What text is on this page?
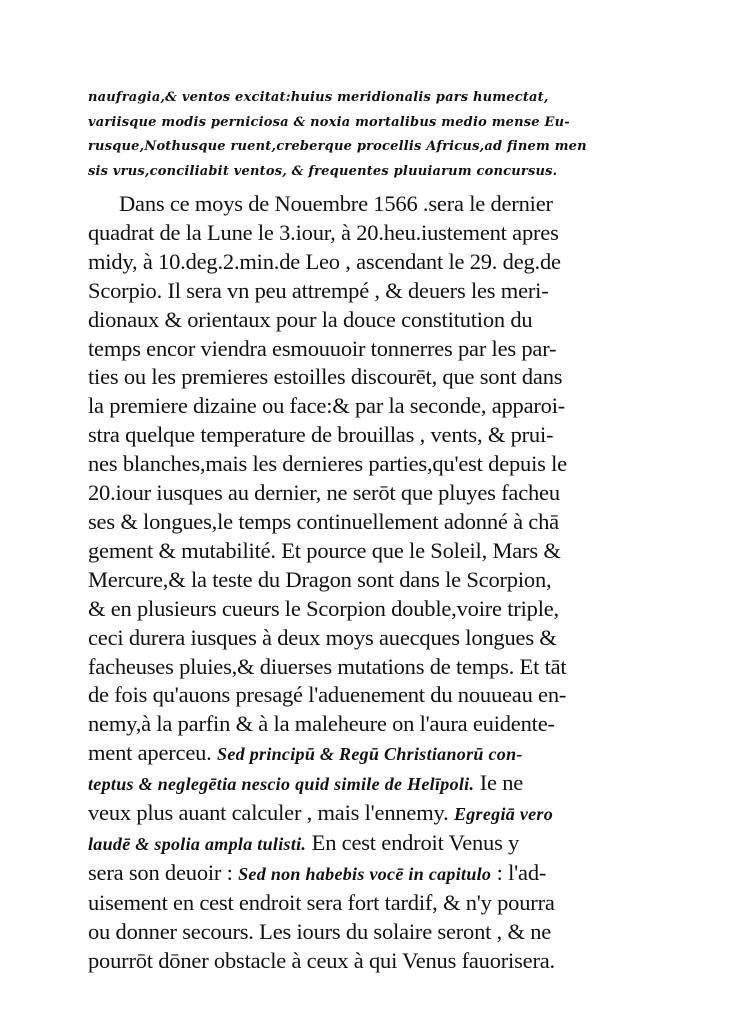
naufragia,& ventos excitat:huius meridionalis pars humectat,
variisque modis perniciosa & noxia mortalibus medio mense Eu-
rusque,Nothusque ruent,creberque procellis Africus,ad finem men
sis vrus,conciliabit ventos, & frequentes pluuiarum concursus.

Dans ce moys de Nouembre 1566 .sera le dernier
quadrat de la Lune le 3.iour, à 20.heu.iustement apres
midy, à 10.deg.2.min.de Leo , ascendant le 29. deg.de
Scorpio. Il sera vn peu attrempé , & deuers les meri-
dionaux & orientaux pour la douce constitution du
temps encor viendra esmouuoir tonnerres par les par-
ties ou les premieres estoilles discourēt, que sont dans
la premiere dizaine ou face:& par la seconde, apparoi-
stra quelque temperature de brouillas , vents, & prui-
nes blanches,mais les dernieres parties,qu'est depuis le
20.iour iusques au dernier, ne serōt que pluyes facheu
ses & longues,le temps continuellement adonné à chā
gement & mutabilité. Et pource que le Soleil, Mars &
Mercure,& la teste du Dragon sont dans le Scorpion,
& en plusieurs cueurs le Scorpion double,voire triple,
ceci durera iusques à deux moys auecques longues &
facheuses pluies,& diuerses mutations de temps. Et tāt
de fois qu'auons presagé l'aduenement du nouueau en-
nemy,à la parfin & à la maleheure on l'aura euidente-
ment aperceu. Sed principū & Regū Christianorū con-
teptus & neglegētia nescio quid simile de Helīpoli. Ie ne
veux plus auant calculer , mais l'ennemy. Egregiā vero
laudē & spolia ampla tulisti. En cest endroit Venus y
sera son deuoir : Sed non habebis vocē in capitulo : l'ad-
uisement en cest endroit sera fort tardif, & n'y pourra
ou donner secours. Les iours du solaire seront , & ne
pourrōt dōner obstacle à ceux à qui Venus fauorisera.
